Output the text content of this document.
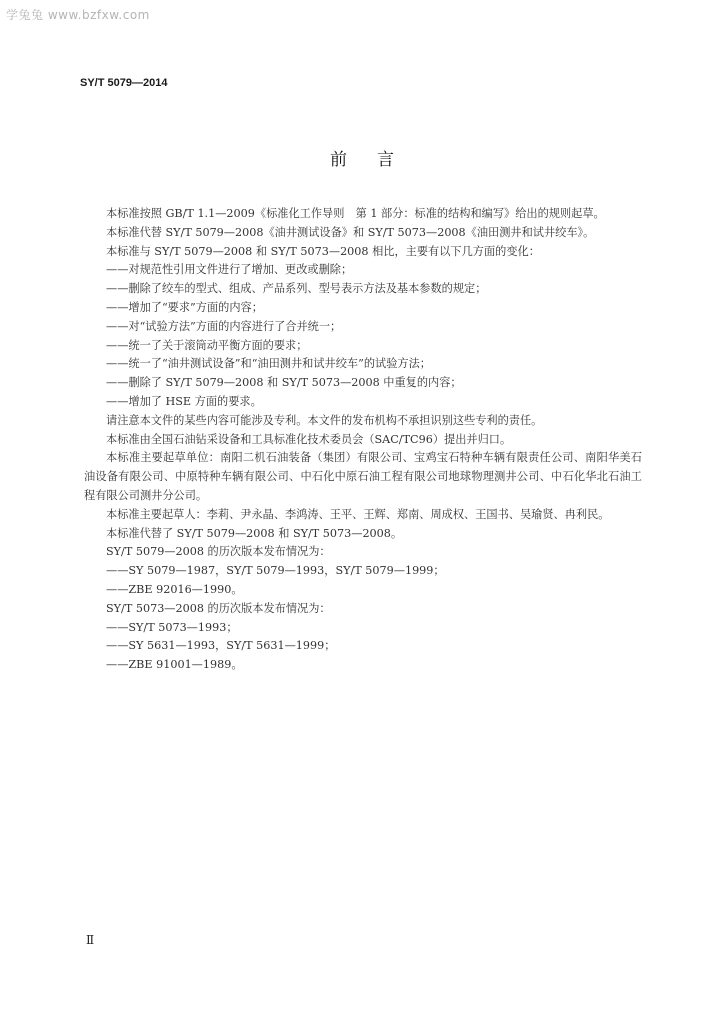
学兔兔 www.bzfxw.com
SY/T 5079—2014
前言

本标准按照 GB/T 1.1—2009《标准化工作导则　第 1 部分：标准的结构和编写》给出的规则起草。

本标准代替 SY/T 5079—2008《油井测试设备》和 SY/T 5073—2008《油田测井和试井绞车》。

本标准与 SY/T 5079—2008 和 SY/T 5073—2008 相比，主要有以下几方面的变化：

——对规范性引用文件进行了增加、更改或删除；

——删除了绞车的型式、组成、产品系列、型号表示方法及基本参数的规定；

——增加了“要求”方面的内容；

——对“试验方法”方面的内容进行了合并统一；

——统一了关于滚筒动平衡方面的要求；

——统一了“油井测试设备”和“油田测井和试井绞车”的试验方法；

——删除了 SY/T 5079—2008 和 SY/T 5073—2008 中重复的内容；

——增加了 HSE 方面的要求。

请注意本文件的某些内容可能涉及专利。本文件的发布机构不承担识别这些专利的责任。

本标准由全国石油钻采设备和工具标准化技术委员会（SAC/TC96）提出并归口。

本标准主要起草单位：南阳二机石油装备（集团）有限公司、宝鸡宝石特种车辆有限责任公司、南阳华美石油设备有限公司、中原特种车辆有限公司、中石化中原石油工程有限公司地球物理测井公司、中石化华北石油工程有限公司测井分公司。

本标准主要起草人：李莉、尹永晶、李鸿涛、王平、王辉、郑南、周成权、王国书、吴瑜贤、冉利民。

本标准代替了 SY/T 5079—2008 和 SY/T 5073—2008。

SY/T 5079—2008 的历次版本发布情况为：

——SY 5079—1987，SY/T 5079—1993，SY/T 5079—1999；

——ZBE 92016—1990。

SY/T 5073—2008 的历次版本发布情况为：

——SY/T 5073—1993；

——SY 5631—1993，SY/T 5631—1999；

——ZBE 91001—1989。

Ⅱ
